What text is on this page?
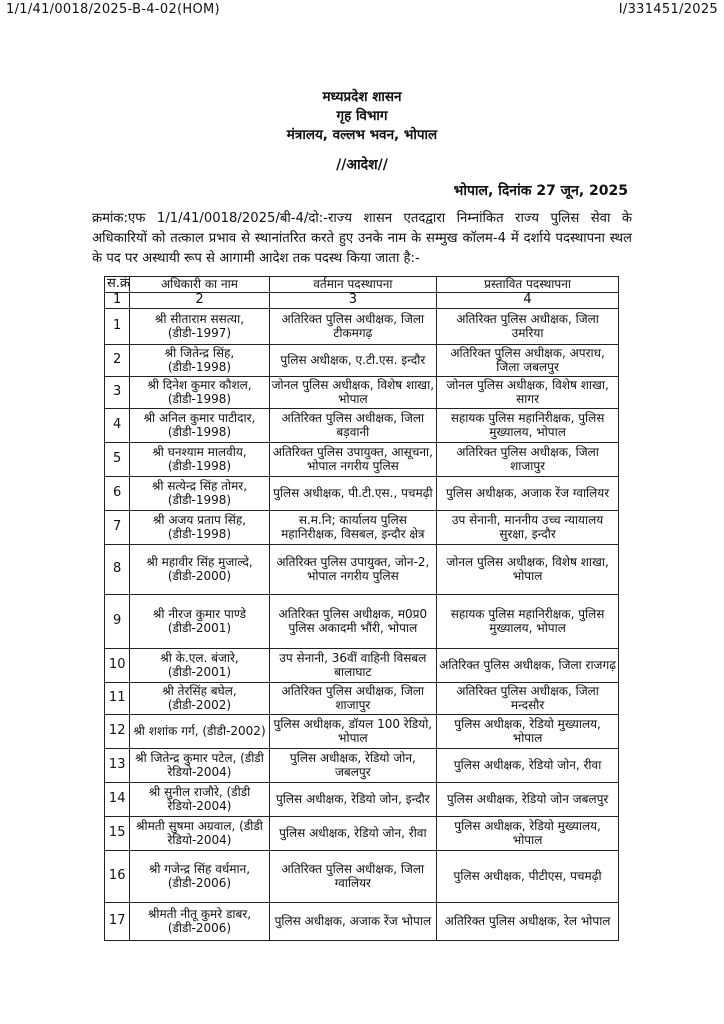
1/1/41/0018/2025-B-4-02(HOM)	I/331451/2025
मध्यप्रदेश शासन
गृह विभाग
मंत्रालय, वल्लभ भवन, भोपाल
//आदेश//
भोपाल, दिनांक 27 जून, 2025
क्रमांक:एफ 1/1/41/0018/2025/बी-4/दो:-राज्य शासन एतदद्वारा निम्नांकित राज्य पुलिस सेवा के अधिकारियों को तत्काल प्रभाव से स्थानांतरित करते हुए उनके नाम के सम्मुख कॉलम-4 में दर्शाये पदस्थापना स्थल के पद पर अस्थायी रूप से आगामी आदेश तक पदस्थ किया जाता है:-
स.क्रं	अधिकारी का नाम	वर्तमान पदस्थापना	प्रस्तावित पदस्थापना
1	2	3	4
1	श्री सीताराम ससत्या, (डीडी-1997)	अतिरिक्त पुलिस अधीक्षक, जिला टीकमगढ़	अतिरिक्त पुलिस अधीक्षक, जिला उमरिया
2	श्री जितेन्द्र सिंह, (डीडी-1998)	पुलिस अधीक्षक, ए.टी.एस. इन्दौर	अतिरिक्त पुलिस अधीक्षक, अपराध, जिला जबलपुर
3	श्री दिनेश कुमार कौशल, (डीडी-1998)	जोनल पुलिस अधीक्षक, विशेष शाखा, भोपाल	जोनल पुलिस अधीक्षक, विशेष शाखा, सागर
4	श्री अनिल कुमार पाटीदार, (डीडी-1998)	अतिरिक्त पुलिस अधीक्षक, जिला बड़वानी	सहायक पुलिस महानिरीक्षक, पुलिस मुख्यालय, भोपाल
5	श्री घनश्याम मालवीय, (डीडी-1998)	अतिरिक्त पुलिस उपायुक्त, आसूचना, भोपाल नगरीय पुलिस	अतिरिक्त पुलिस अधीक्षक, जिला शाजापुर
6	श्री सत्येन्द्र सिंह तोमर, (डीडी-1998)	पुलिस अधीक्षक, पी.टी.एस., पचमढ़ी	पुलिस अधीक्षक, अजाक रेंज ग्वालियर
7	श्री अजय प्रताप सिंह, (डीडी-1998)	स.म.नि; कार्यालय पुलिस महानिरीक्षक, विसबल, इन्दौर क्षेत्र	उप सेनानी, माननीय उच्च न्यायालय सुरक्षा, इन्दौर
8	श्री महावीर सिंह मुजाल्दे, (डीडी-2000)	अतिरिक्त पुलिस उपायुक्त, जोन-2, भोपाल नगरीय पुलिस	जोनल पुलिस अधीक्षक, विशेष शाखा, भोपाल
9	श्री नीरज कुमार पाण्डे (डीडी-2001)	अतिरिक्त पुलिस अधीक्षक, म0प्र0 पुलिस अकादमी भौंरी, भोपाल	सहायक पुलिस महानिरीक्षक, पुलिस मुख्यालय, भोपाल
10	श्री के.एल. बंजारे, (डीडी-2001)	उप सेनानी, 36वीं वाहिनी विसबल बालाघाट	अतिरिक्त पुलिस अधीक्षक, जिला राजगढ़
11	श्री तेरसिंह बघेल, (डीडी-2002)	अतिरिक्त पुलिस अधीक्षक, जिला शाजापुर	अतिरिक्त पुलिस अधीक्षक, जिला मन्दसौर
12	श्री शशांक गर्ग, (डीडी-2002)	पुलिस अधीक्षक, डॉयल 100 रेडियो, भोपाल	पुलिस अधीक्षक, रेडियो मुख्यालय, भोपाल
13	श्री जितेन्द्र कुमार पटेल, (डीडी रेडियो-2004)	पुलिस अधीक्षक, रेडियो जोन, जबलपुर	पुलिस अधीक्षक, रेडियो जोन, रीवा
14	श्री सुनील राजौरे, (डीडी रेडियो-2004)	पुलिस अधीक्षक, रेडियो जोन, इन्दौर	पुलिस अधीक्षक, रेडियो जोन जबलपुर
15	श्रीमती सुषमा अग्रवाल, (डीडी रेडियो-2004)	पुलिस अधीक्षक, रेडियो जोन, रीवा	पुलिस अधीक्षक, रेडियो मुख्यालय, भोपाल
16	श्री गजेन्द्र सिंह वर्धमान, (डीडी-2006)	अतिरिक्त पुलिस अधीक्षक, जिला ग्वालियर	पुलिस अधीक्षक, पीटीएस, पचमढ़ी
17	श्रीमती नीतू कुमरे डाबर, (डीडी-2006)	पुलिस अधीक्षक, अजाक रेंज भोपाल	अतिरिक्त पुलिस अधीक्षक, रेल भोपाल
